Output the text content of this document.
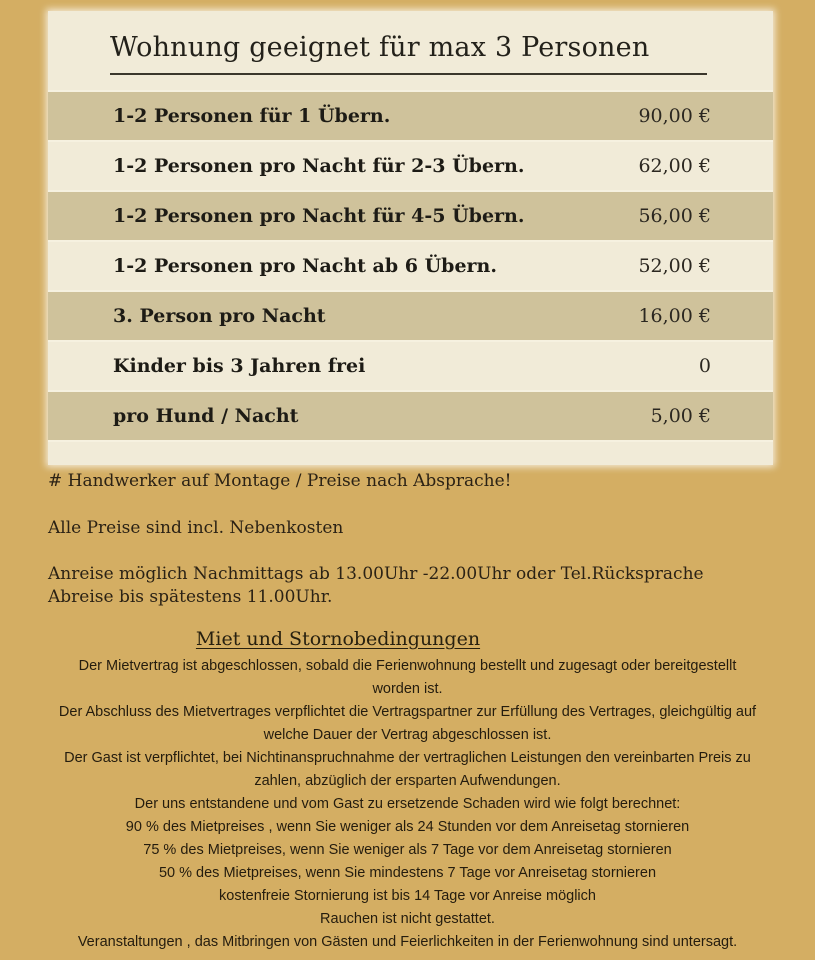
Wohnung geeignet für max 3 Personen
1-2 Personen für 1 Übern.	90,00 €
1-2 Personen pro Nacht für 2-3 Übern.	62,00 €
1-2 Personen pro Nacht für 4-5 Übern.	56,00 €
1-2 Personen pro Nacht ab 6 Übern.	52,00 €
3. Person pro Nacht	16,00 €
Kinder bis 3 Jahren frei	0
pro Hund / Nacht	5,00 €
# Handwerker auf Montage / Preise nach Absprache!
Alle Preise sind incl. Nebenkosten
Anreise möglich Nachmittags ab 13.00Uhr -22.00Uhr oder Tel.Rücksprache
Abreise bis spätestens 11.00Uhr.
Miet und Stornobedingungen
Der Mietvertrag ist abgeschlossen, sobald die Ferienwohnung bestellt und zugesagt oder bereitgestellt
worden ist.
Der Abschluss des Mietvertrages verpflichtet die Vertragspartner zur Erfüllung des Vertrages, gleichgültig auf
welche Dauer der Vertrag abgeschlossen ist.
Der Gast ist verpflichtet, bei Nichtinanspruchnahme der vertraglichen Leistungen den vereinbarten Preis zu
zahlen, abzüglich der ersparten Aufwendungen.
Der uns entstandene und vom Gast zu ersetzende Schaden wird wie folgt berechnet:
90 % des Mietpreises , wenn Sie weniger als 24 Stunden vor dem Anreisetag stornieren
75 % des Mietpreises, wenn Sie weniger als 7 Tage vor dem Anreisetag stornieren
50 % des Mietpreises, wenn Sie mindestens 7 Tage vor Anreisetag stornieren
kostenfreie Stornierung ist bis 14 Tage vor Anreise möglich
Rauchen ist nicht gestattet.
Veranstaltungen , das Mitbringen von Gästen und Feierlichkeiten in der Ferienwohnung sind untersagt.
